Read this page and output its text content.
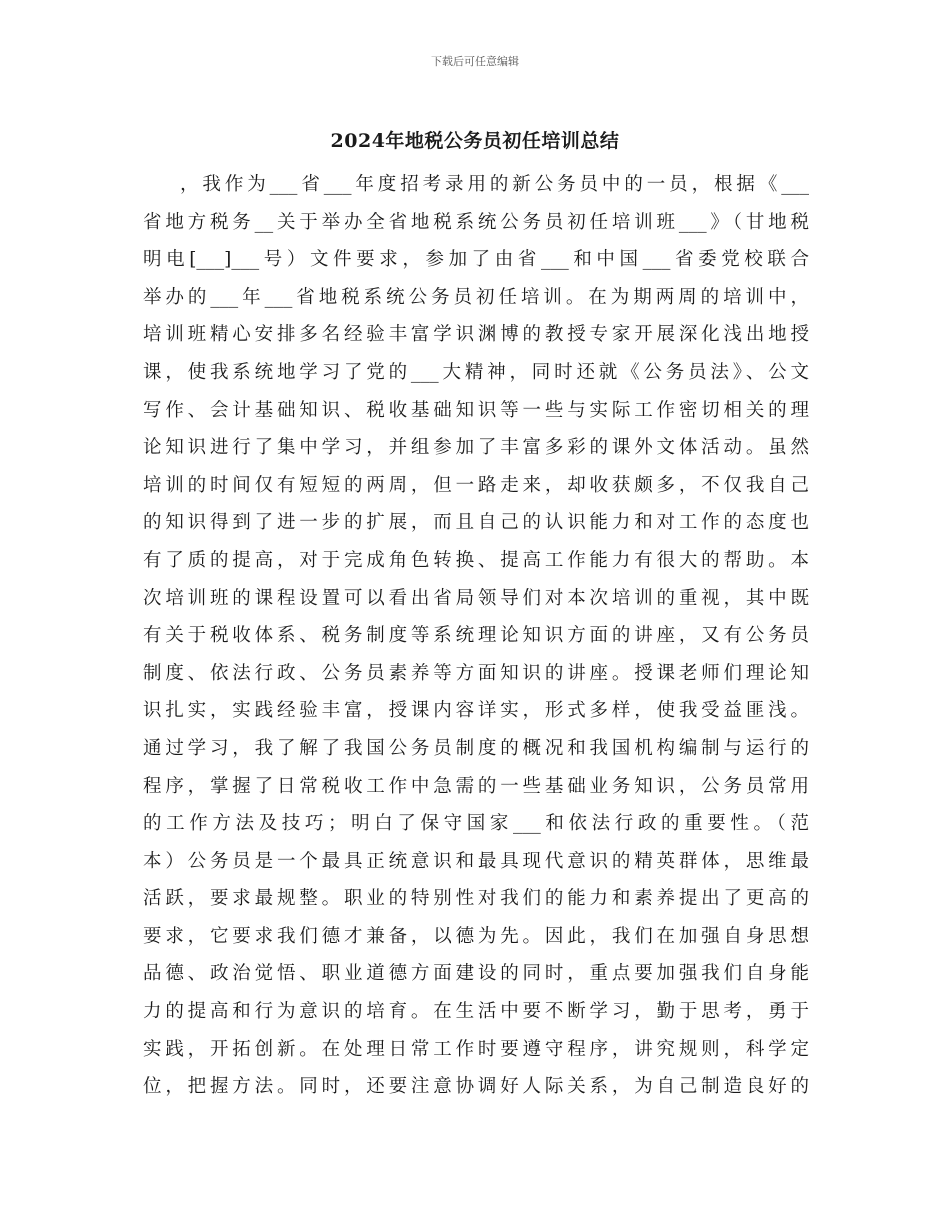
下载后可任意编辑
2024年地税公务员初任培训总结
，我作为___省___年度招考录用的新公务员中的一员，根据《___
省地方税务__关于举办全省地税系统公务员初任培训班___》（甘地税
明电[___]___号）文件要求，参加了由省___和中国___省委党校联合
举办的___年___省地税系统公务员初任培训。在为期两周的培训中，
培训班精心安排多名经验丰富学识渊博的教授专家开展深化浅出地授
课，使我系统地学习了党的___大精神，同时还就《公务员法》、公文
写作、会计基础知识、税收基础知识等一些与实际工作密切相关的理
论知识进行了集中学习，并组参加了丰富多彩的课外文体活动。虽然
培训的时间仅有短短的两周，但一路走来，却收获颇多，不仅我自己
的知识得到了进一步的扩展，而且自己的认识能力和对工作的态度也
有了质的提高，对于完成角色转换、提高工作能力有很大的帮助。本
次培训班的课程设置可以看出省局领导们对本次培训的重视，其中既
有关于税收体系、税务制度等系统理论知识方面的讲座，又有公务员
制度、依法行政、公务员素养等方面知识的讲座。授课老师们理论知
识扎实，实践经验丰富，授课内容详实，形式多样，使我受益匪浅。
通过学习，我了解了我国公务员制度的概况和我国机构编制与运行的
程序，掌握了日常税收工作中急需的一些基础业务知识，公务员常用
的工作方法及技巧；明白了保守国家___和依法行政的重要性。（范
本）公务员是一个最具正统意识和最具现代意识的精英群体，思维最
活跃，要求最规整。职业的特别性对我们的能力和素养提出了更高的
要求，它要求我们德才兼备，以德为先。因此，我们在加强自身思想
品德、政治觉悟、职业道德方面建设的同时，重点要加强我们自身能
力的提高和行为意识的培育。在生活中要不断学习，勤于思考，勇于
实践，开拓创新。在处理日常工作时要遵守程序，讲究规则，科学定
位，把握方法。同时，还要注意协调好人际关系，为自己制造良好的
